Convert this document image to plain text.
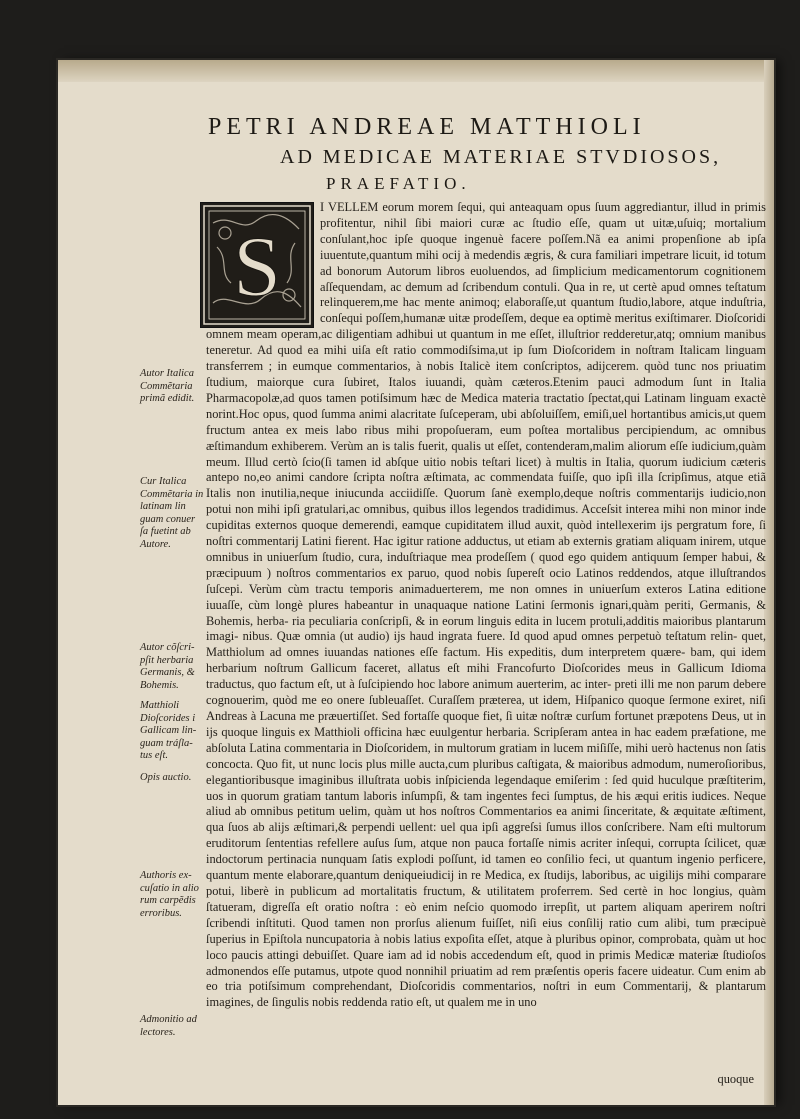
PETRI ANDREAE MATTHIOLI
AD MEDICAE MATERIAE STVDIOSOS,
PRAEFATIO.
S

I VELLEM eorum morem ſequi, qui anteaquam opus ſuum aggrediantur, illud in primis profitentur, nihil ſibi maiori curæ ac ſtudio eſſe, quam ut uitæ,uſuiq; mortalium conſulant,hoc ipſe quoque ingenuè facere poſſem.Nã ea animi propenſione ab ipſa iuuentute,quantum mihi ocij à medendis ægris, & cura familiari impetrare licuit, id totum ad bonorum Autorum libros euoluendos, ad ſimplicium medicamentorum cognitionem aſſequendam, ac demum ad ſcribendum contuli. Qua in re, ut certè apud omnes teſtatum relinquerem,me hac mente animoq; elaboraſſe,ut quantum ſtudio,labore, atque induſtria, conſequi poſſem,humanæ uitæ prodeſſem, deque ea optimè meritus exiſtimarer. Dioſcoridi omnem meam operam,ac diligentiam adhibui ut quantum in me eſſet, illuſtrior redderetur,atq; omnium manibus teneretur. Ad quod ea mihi uiſa eſt ratio commodiſsima,ut ip ſum Dioſcoridem in noſtram Italicam linguam transferrem ; in eumque commentarios, à nobis Italicè item conſcriptos, adijcerem. quòd tunc nos priuatim ſtudium, maiorque cura ſubiret, Italos iuuandi, quàm cæteros.Etenim pauci admodum ſunt in Italia Pharmacopolæ,ad quos tamen potiſsimum hæc de Medica materia tractatio ſpectat,qui Latinam linguam exactè norint.Hoc opus, quod ſumma animi alacritate ſuſceperam, ubi abſoluiſſem, emiſi,uel hortantibus amicis,ut quem fructum antea ex meis labo ribus mihi propoſueram, eum poſtea mortalibus percipiendum, ac omnibus æſtimandum exhiberem. Verùm an is talis fuerit, qualis ut eſſet, contenderam,malim aliorum eſſe iudicium,quàm meum. Illud certò ſcio(ſi tamen id abſque uitio nobis teſtari licet) à multis in Italia, quorum iudicium cæteris antepo no,eo animi candore ſcripta noſtra æſtimata, ac commendata fuiſſe, quo ipſi illa ſcripſimus, atque etiã Italis non inutilia,neque iniucunda acciidiſſe. Quorum ſanè exemplo,deque noſtris commentarijs iudicio,non potui non mihi ipſi gratulari,ac omnibus, quibus illos legendos tradidimus. Acceſsit interea mihi non minor inde cupiditas externos quoque demerendi, eamque cupiditatem illud auxit, quòd intellexerim ijs pergratum fore, ſi noſtri commentarij Latini fierent. Hac igitur ratione adductus, ut etiam ab externis gratiam aliquam inirem, utque omnibus in uniuerſum ſtudio, cura, induſtriaque mea prodeſſem ( quod ego quidem antiquum ſemper habui, & præcipuum ) noſtros commentarios ex paruo, quod nobis ſupereſt ocio Latinos reddendos, atque illuſtrandos ſuſcepi. Verùm cùm tractu temporis animaduerterem, me non omnes in uniuerſum exteros Latina editione iuuaſſe, cùm longè plures habeantur in unaquaque natione Latini ſermonis ignari,quàm periti, Germanis, & Bohemis, herba- ria peculiaria conſcripſi, & in eorum linguis edita in lucem protuli,additis maioribus plantarum imagi- nibus. Quæ omnia (ut audio) ijs haud ingrata fuere. Id quod apud omnes perpetuò teſtatum relin- quet, Matthiolum ad omnes iuuandas nationes eſſe factum. His expeditis, dum interpretem quære- bam, qui idem herbarium noſtrum Gallicum faceret, allatus eſt mihi Francofurto Dioſcorides meus in Gallicum Idioma traductus, quo factum eſt, ut à ſuſcipiendo hoc labore animum auerterim, ac inter- preti illi me non parum debere cognouerim, quòd me eo onere ſubleuaſſet. Curaſſem præterea, ut idem, Hiſpanico quoque ſermone exiret, niſi Andreas à Lacuna me præuertiſſet. Sed fortaſſe quoque fiet, ſi uitæ noſtræ curſum fortunet præpotens Deus, ut in ijs quoque linguis ex Matthioli officina hæc euulgentur herbaria. Scripſeram antea in hac eadem præfatione, me abſoluta Latina commentaria in Dioſcoridem, in multorum gratiam in lucem miſiſſe, mihi uerò hactenus non ſatis concocta. Quo fit, ut nunc locis plus mille aucta,cum pluribus caſtigata, & maioribus admodum, numeroſioribus, elegantioribusque imaginibus illuſtrata uobis inſpicienda legendaque emiſerim : ſed quid huculque præſtiterim, uos in quorum gratiam tantum laboris inſumpſi, & tam ingentes feci ſumptus, de his æqui eritis iudices. Neque aliud ab omnibus petitum uelim, quàm ut hos noſtros Commentarios ea animi ſinceritate, & æquitate æſtiment, qua ſuos ab alijs æſtimari,& perpendi uellent: uel qua ipſi aggreſsi ſumus illos conſcribere. Nam eſti multorum eruditorum ſententias refellere auſus ſum, atque non pauca fortaſſe nimis acriter inſequi, corrupta ſcilicet, quæ indoctorum pertinacia nunquam ſatis explodi poſſunt, id tamen eo conſilio feci, ut quantum ingenio perficere, quantum mente elaborare,quantum deniqueiudicij in re Medica, ex ſtudijs, laboribus, ac uigilijs mihi comparare potui, liberè in publicum ad mortalitatis fructum, & utilitatem proferrem. Sed certè in hoc longius, quàm ſtatueram, digreſſa eſt oratio noſtra : eò enim neſcio quomodo irrepſit, ut partem aliquam aperirem noſtri ſcribendi inſtituti. Quod tamen non prorſus alienum fuiſſet, niſi eius conſilij ratio cum alibi, tum præcipuè ſuperius in Epiſtola nuncupatoria à nobis latius expoſita eſſet, atque à pluribus opinor, comprobata, quàm ut hoc loco paucis attingi debuiſſet. Quare iam ad id nobis accedendum eſt, quod in primis Medicæ materiæ ſtudioſos admonendos eſſe putamus, utpote quod nonnihil priuatim ad rem præſentis operis facere uideatur. Cum enim ab eo tria potiſsimum comprehendant, Dioſcoridis commentarios, noſtri in eum Commentarij, & plantarum imagines, de ſingulis nobis reddenda ratio eſt, ut qualem me in uno

quoque
Autor Italica Commẽtaria primã edidit.
Cur Italica Commẽtaria in latinam lin guam conuer ſa fuetint ab Autore.
Autor cõſcri- pſit herbaria Germanis, & Bohemis.
Matthioli Dioſcorides i Gallicam lin- guam tráſla- tus eſt.
Opis auctio.
Authoris ex- cuſatio in alio rum carpẽdis erroribus.
Admonitio ad lectores.
